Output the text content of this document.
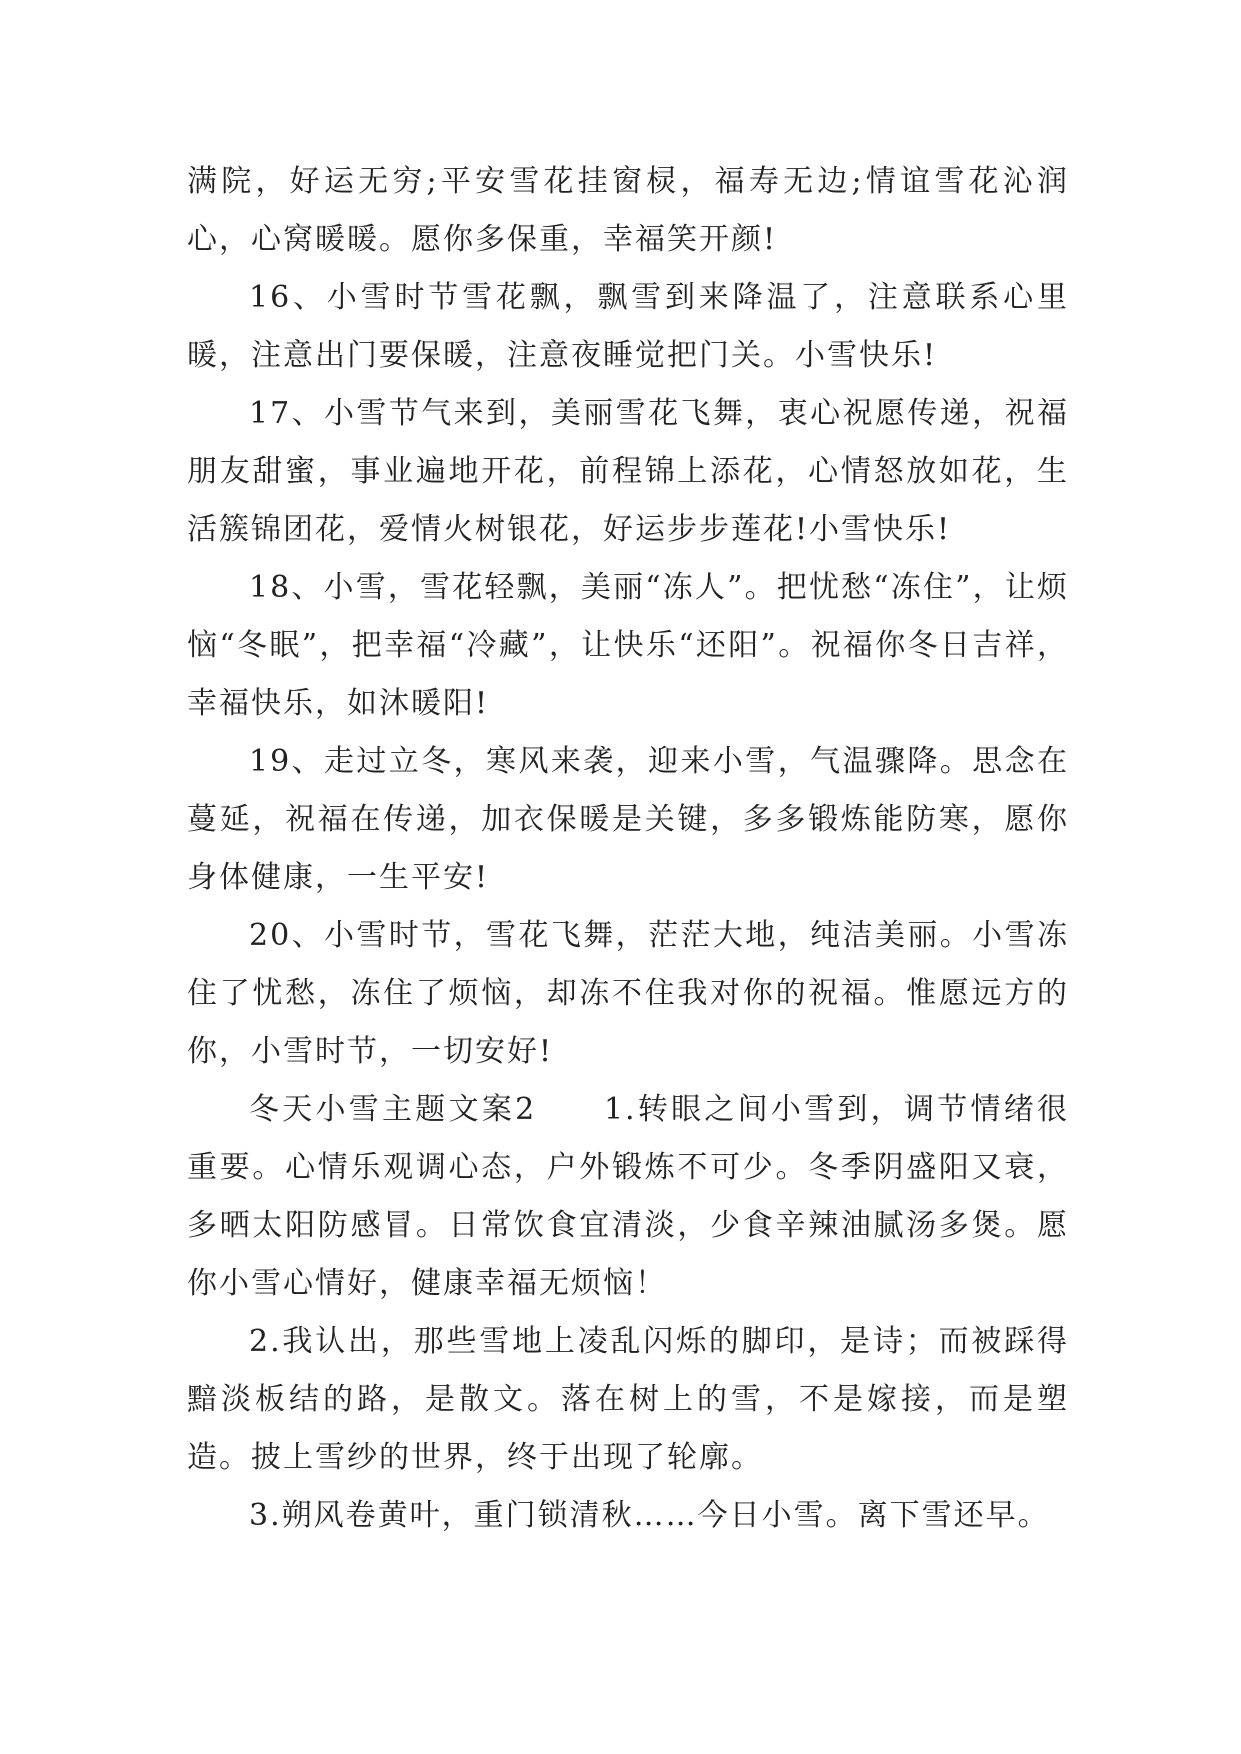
满院，好运无穷;平安雪花挂窗棂，福寿无边;情谊雪花沁润心，心窝暖暖。愿你多保重，幸福笑开颜!

16、小雪时节雪花飘，飘雪到来降温了，注意联系心里暖，注意出门要保暖，注意夜睡觉把门关。小雪快乐!

17、小雪节气来到，美丽雪花飞舞，衷心祝愿传递，祝福朋友甜蜜，事业遍地开花，前程锦上添花，心情怒放如花，生活簇锦团花，爱情火树银花，好运步步莲花!小雪快乐!

18、小雪，雪花轻飘，美丽“冻人”。把忧愁“冻住”，让烦恼“冬眠”，把幸福“冷藏”，让快乐“还阳”。祝福你冬日吉祥，幸福快乐，如沐暖阳!

19、走过立冬，寒风来袭，迎来小雪，气温骤降。思念在蔓延，祝福在传递，加衣保暖是关键，多多锻炼能防寒，愿你身体健康，一生平安!

20、小雪时节，雪花飞舞，茫茫大地，纯洁美丽。小雪冻住了忧愁，冻住了烦恼，却冻不住我对你的祝福。惟愿远方的你，小雪时节，一切安好!

冬天小雪主题文案2　　1.转眼之间小雪到，调节情绪很重要。心情乐观调心态，户外锻炼不可少。冬季阴盛阳又衰，多晒太阳防感冒。日常饮食宜清淡，少食辛辣油腻汤多煲。愿你小雪心情好，健康幸福无烦恼！

2.我认出，那些雪地上凌乱闪烁的脚印，是诗；而被踩得黯淡板结的路，是散文。落在树上的雪，不是嫁接，而是塑造。披上雪纱的世界，终于出现了轮廓。

3.朔风卷黄叶，重门锁清秋……今日小雪。离下雪还早。
